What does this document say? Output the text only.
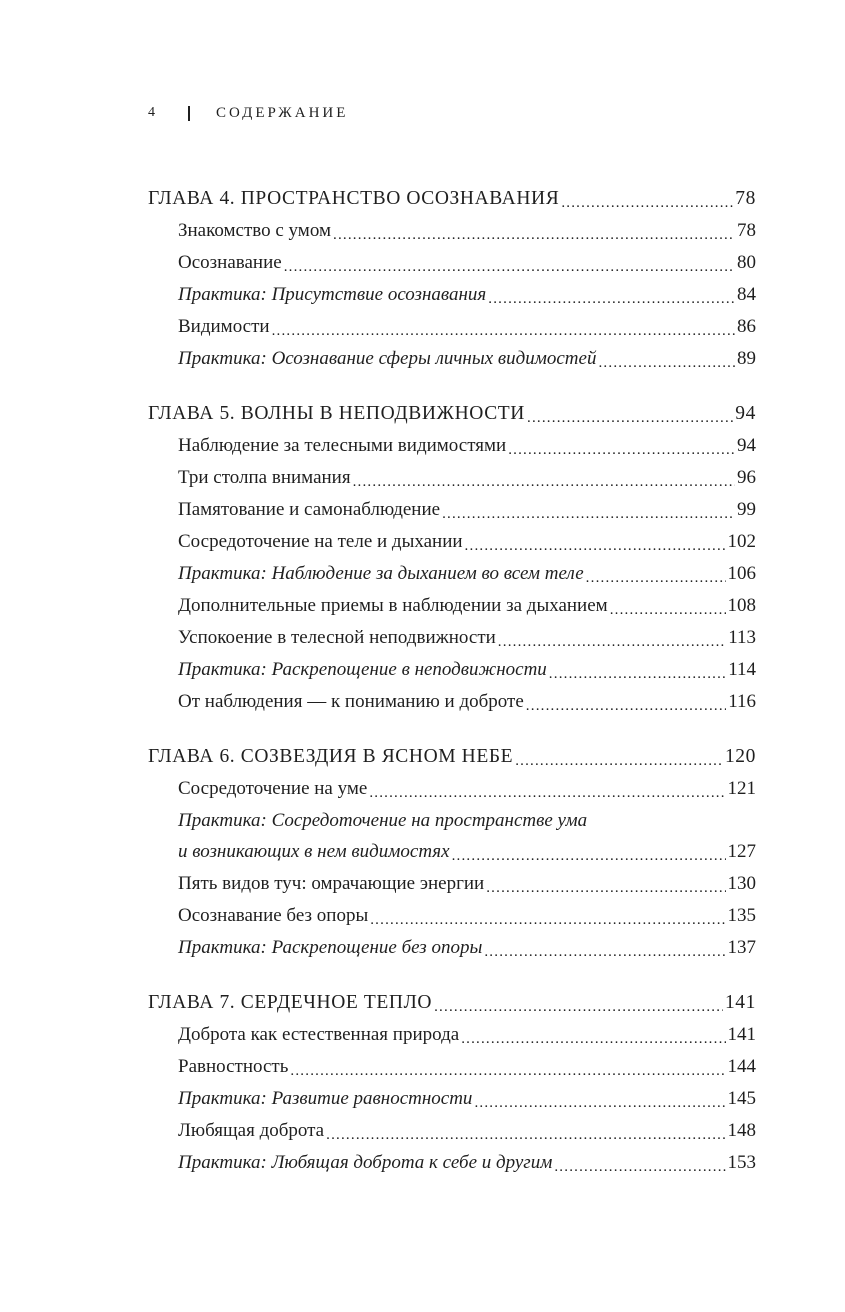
4	СОДЕРЖАНИЕ
ГЛАВА 4. ПРОСТРАНСТВО ОСОЗНАВАНИЯ .....	78
Знакомство с умом .....	78
Осознавание .....	80
Практика: Присутствие осознавания .....	84
Видимости .....	86
Практика: Осознавание сферы личных видимостей .....	89
ГЛАВА 5. ВОЛНЫ В НЕПОДВИЖНОСТИ .....	94
Наблюдение за телесными видимостями .....	94
Три столпа внимания .....	96
Памятование и самонаблюдение .....	99
Сосредоточение на теле и дыхании .....	102
Практика: Наблюдение за дыханием во всем теле .....	106
Дополнительные приемы в наблюдении за дыханием .....	108
Успокоение в телесной неподвижности .....	113
Практика: Раскрепощение в неподвижности .....	114
От наблюдения — к пониманию и доброте .....	116
ГЛАВА 6. СОЗВЕЗДИЯ В ЯСНОМ НЕБЕ .....	120
Сосредоточение на уме .....	121
Практика: Сосредоточение на пространстве ума
и возникающих в нем видимостях .....	127
Пять видов туч: омрачающие энергии .....	130
Осознавание без опоры .....	135
Практика: Раскрепощение без опоры .....	137
ГЛАВА 7. СЕРДЕЧНОЕ ТЕПЛО .....	141
Доброта как естественная природа .....	141
Равностность .....	144
Практика: Развитие равностности .....	145
Любящая доброта .....	148
Практика: Любящая доброта к себе и другим .....	153
